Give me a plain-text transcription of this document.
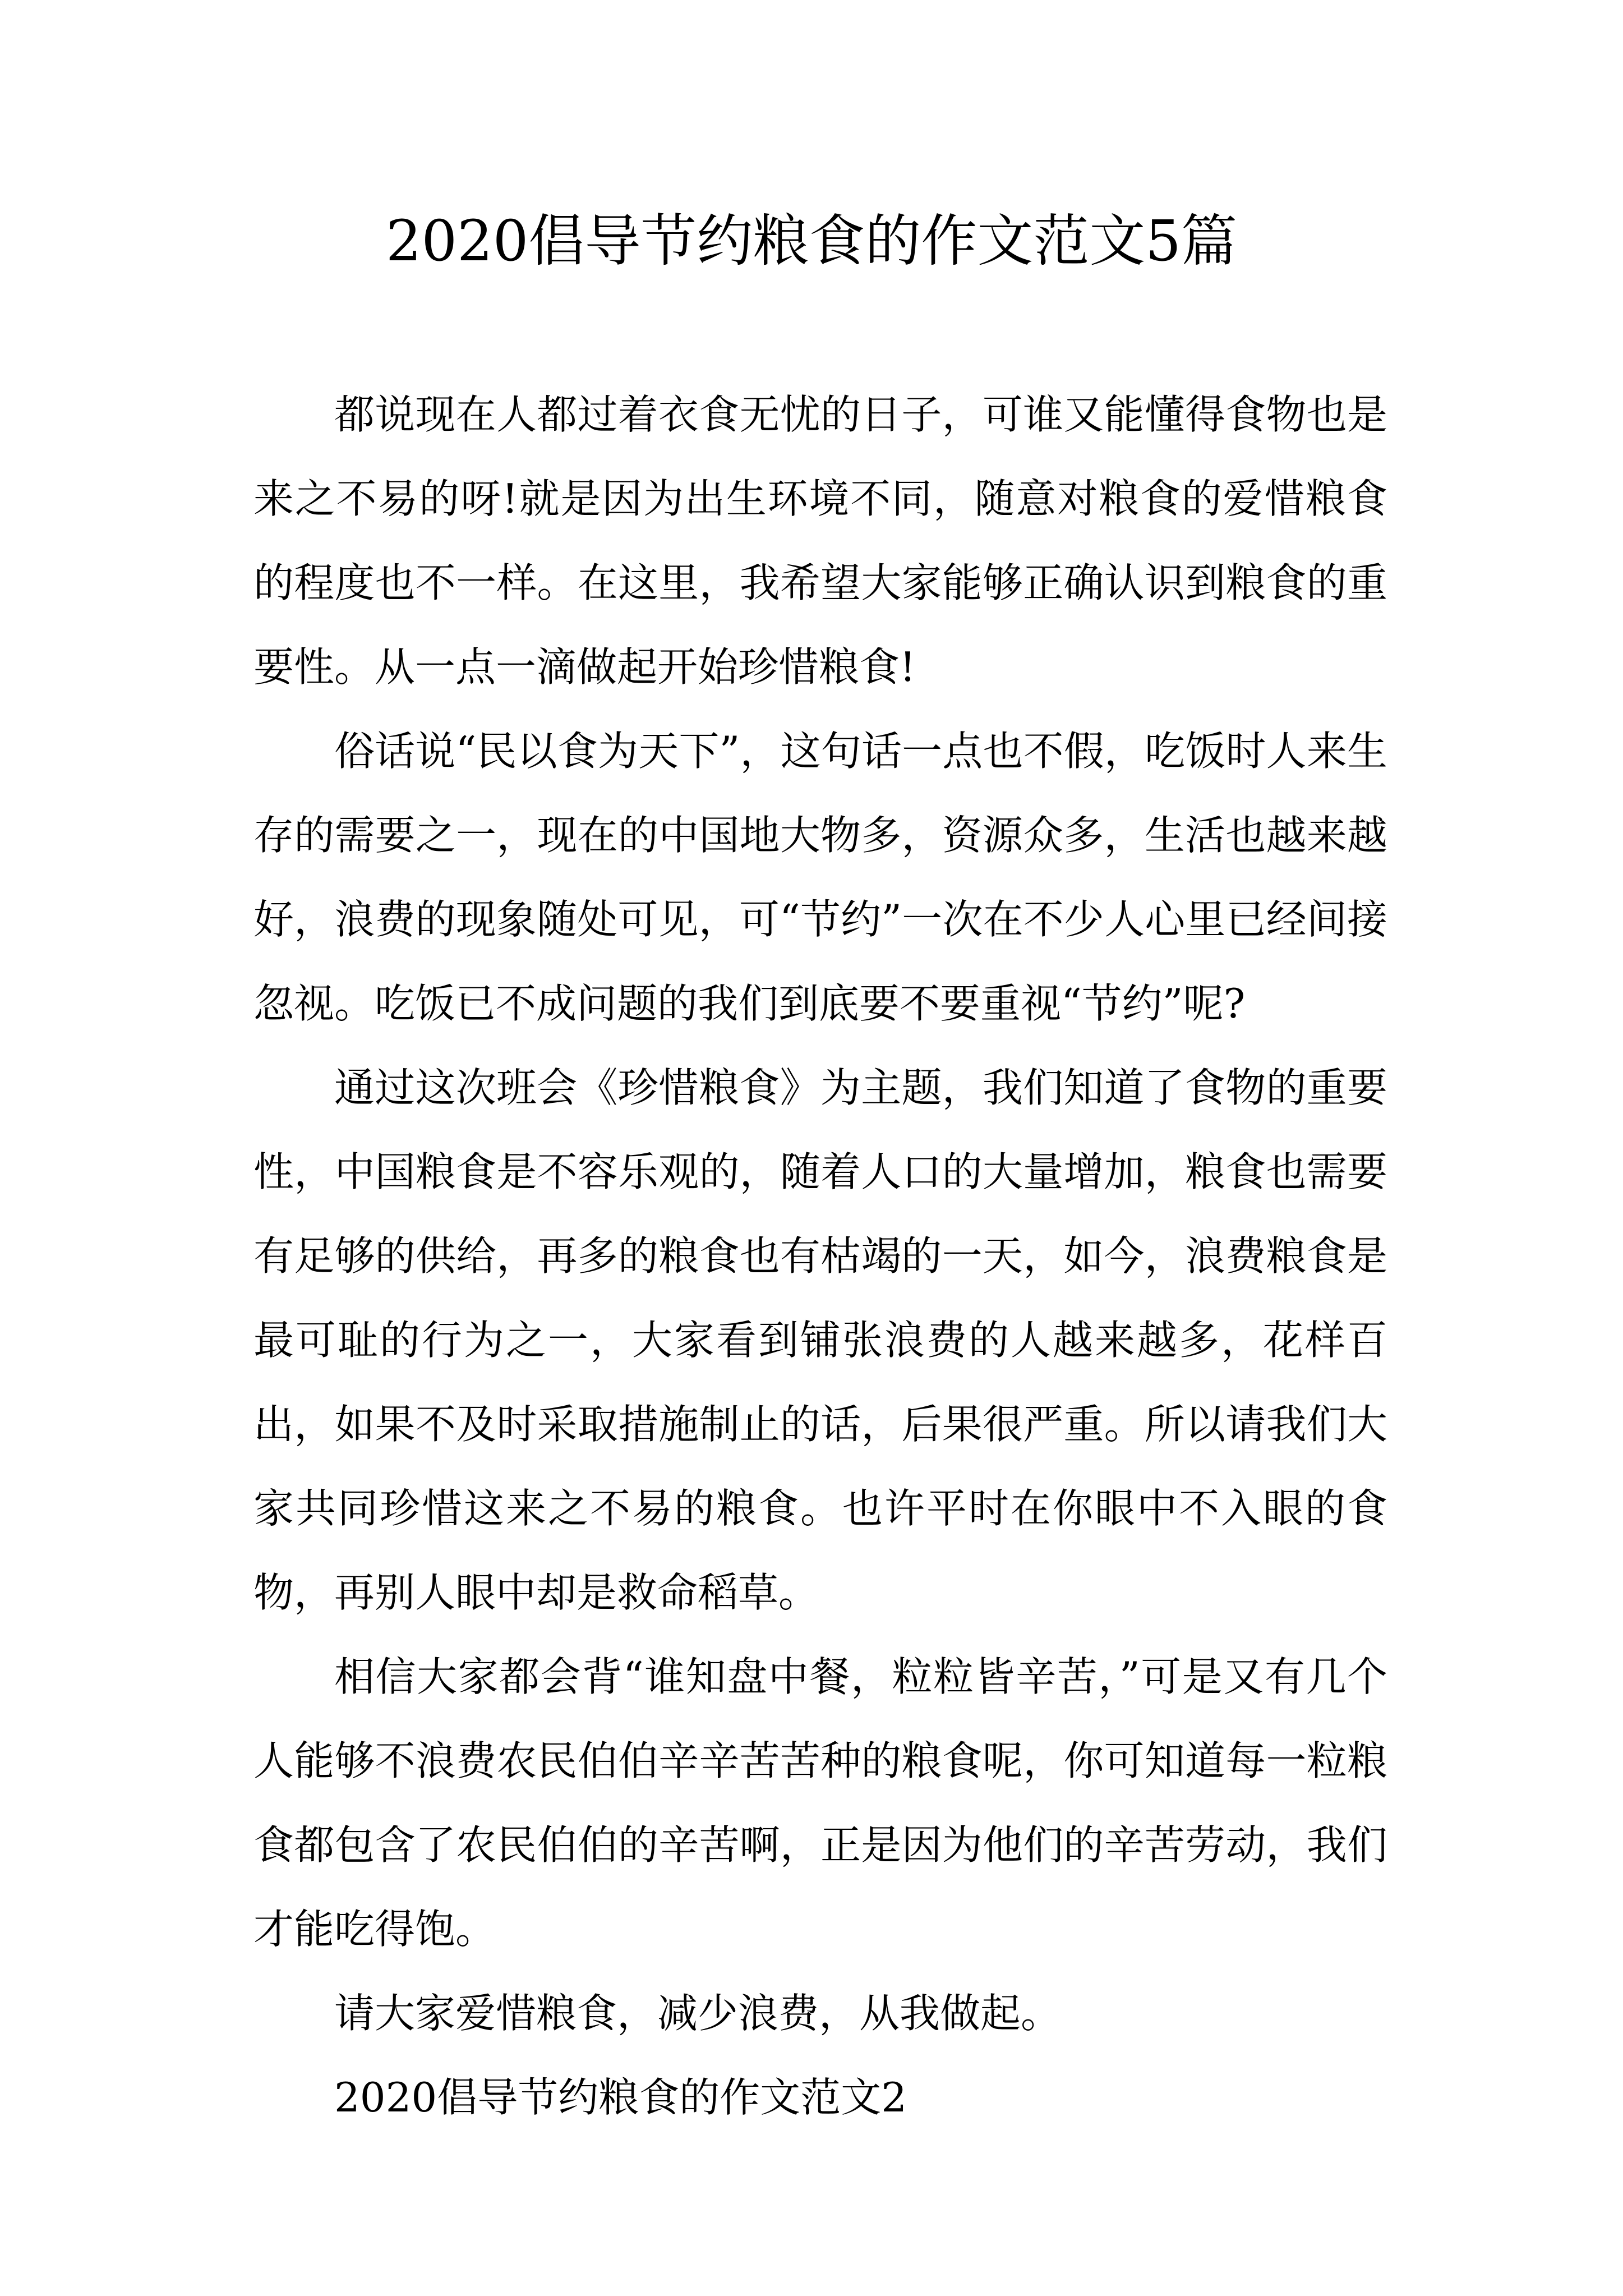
2020倡导节约粮食的作文范文5篇

都说现在人都过着衣食无忧的日子，可谁又能懂得食物也是来之不易的呀!就是因为出生环境不同，随意对粮食的爱惜粮食的程度也不一样。在这里，我希望大家能够正确认识到粮食的重要性。从一点一滴做起开始珍惜粮食!

俗话说“民以食为天下”，这句话一点也不假，吃饭时人来生存的需要之一，现在的中国地大物多，资源众多，生活也越来越好，浪费的现象随处可见，可“节约”一次在不少人心里已经间接忽视。吃饭已不成问题的我们到底要不要重视“节约”呢?

通过这次班会《珍惜粮食》为主题，我们知道了食物的重要性，中国粮食是不容乐观的，随着人口的大量增加，粮食也需要有足够的供给，再多的粮食也有枯竭的一天，如今，浪费粮食是最可耻的行为之一，大家看到铺张浪费的人越来越多，花样百出，如果不及时采取措施制止的话，后果很严重。所以请我们大家共同珍惜这来之不易的粮食。也许平时在你眼中不入眼的食物，再别人眼中却是救命稻草。

相信大家都会背“谁知盘中餐，粒粒皆辛苦，”可是又有几个人能够不浪费农民伯伯辛辛苦苦种的粮食呢，你可知道每一粒粮食都包含了农民伯伯的辛苦啊，正是因为他们的辛苦劳动，我们才能吃得饱。

请大家爱惜粮食，减少浪费，从我做起。

2020倡导节约粮食的作文范文2
